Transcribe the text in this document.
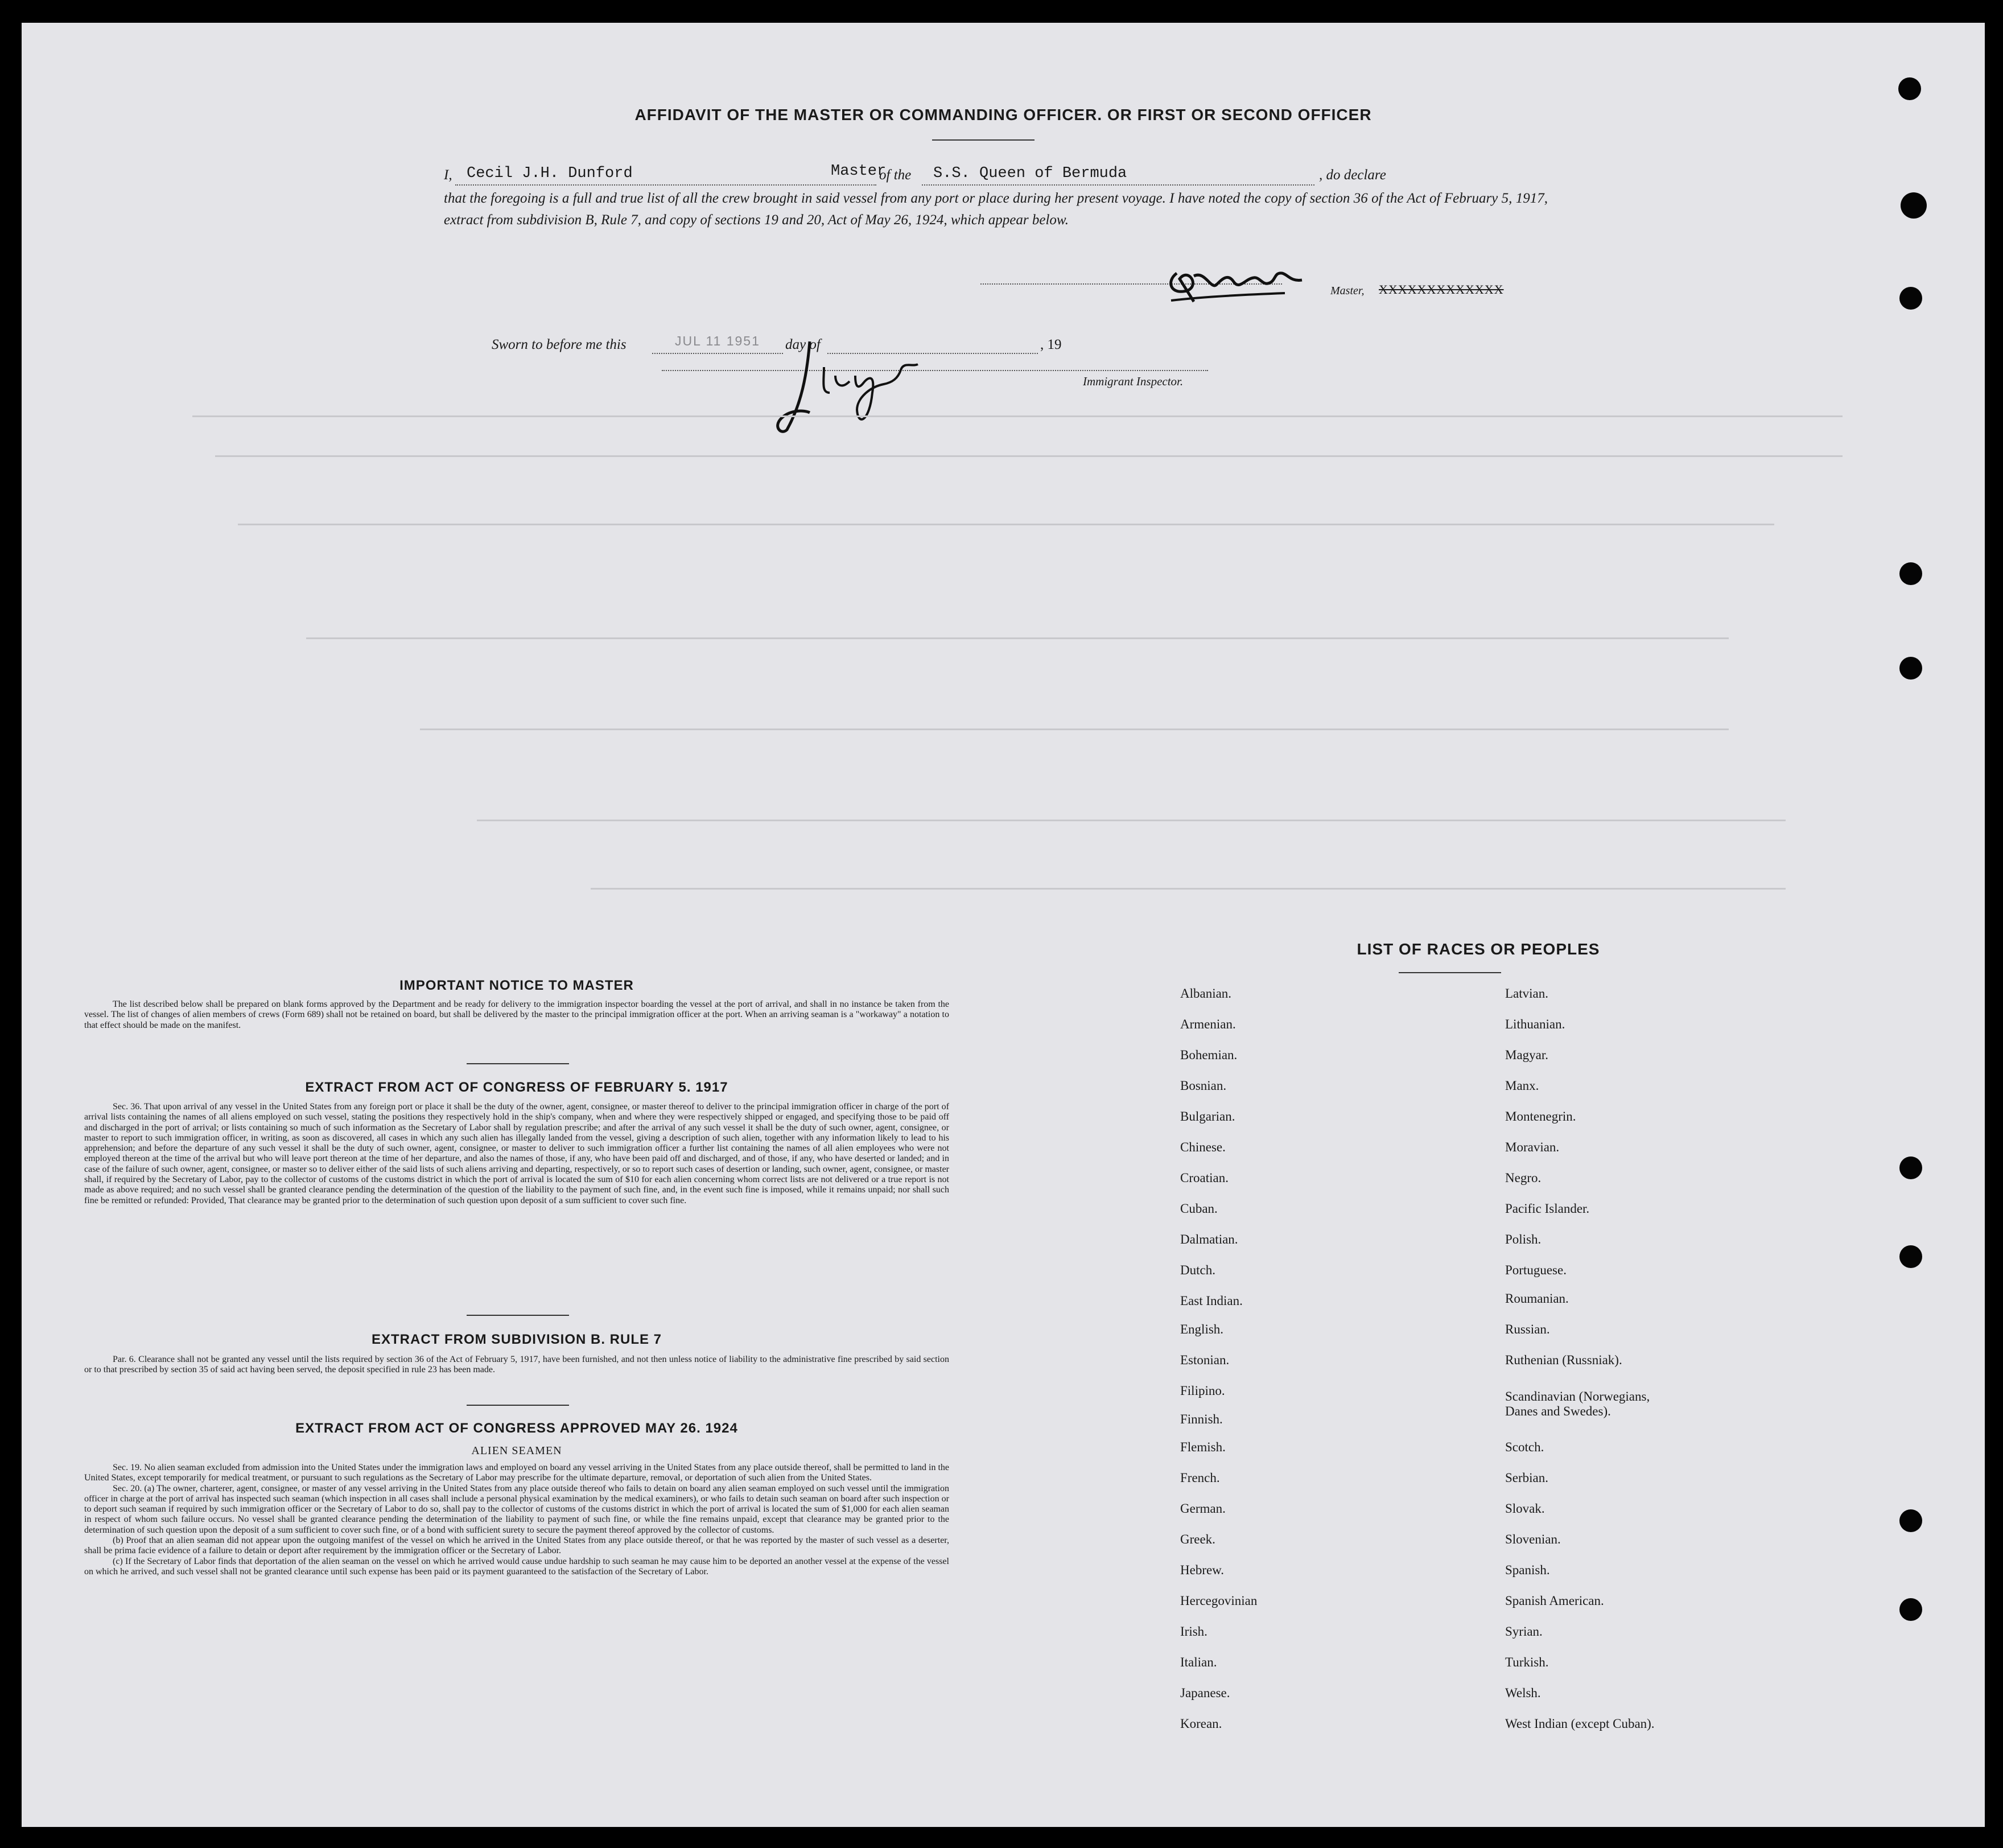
AFFIDAVIT OF THE MASTER OR COMMANDING OFFICER. OR FIRST OR SECOND OFFICER
I, Cecil J.H. Dunford	Master
of the S.S. Queen of Bermuda	, do declare
that the foregoing is a full and true list of all the crew brought in said vessel from any port or place during her present voyage. I have noted the copy of section 36 of the Act of February 5, 1917, extract from subdivision B, Rule 7, and copy of sections 19 and 20, Act of May 26, 1924, which appear below.
Master, XXXXXXXXXXXXX
Sworn to before me this	JUL 11 1951 day of	, 19
Immigrant Inspector.
IMPORTANT NOTICE TO MASTER

The list described below shall be prepared on blank forms approved by the Department and be ready for delivery to the immigration inspector boarding the vessel at the port of arrival, and shall in no instance be taken from the vessel. The list of changes of alien members of crews (Form 689) shall not be retained on board, but shall be delivered by the master to the principal immigration officer at the port. When an arriving seaman is a "workaway" a notation to that effect should be made on the manifest.

EXTRACT FROM ACT OF CONGRESS OF FEBRUARY 5. 1917

Sec. 36. That upon arrival of any vessel in the United States from any foreign port or place it shall be the duty of the owner, agent, consignee, or master thereof to deliver to the principal immigration officer in charge of the port of arrival lists containing the names of all aliens employed on such vessel, stating the positions they respectively hold in the ship's company, when and where they were respectively shipped or engaged, and specifying those to be paid off and discharged in the port of arrival; or lists containing so much of such information as the Secretary of Labor shall by regulation prescribe; and after the arrival of any such vessel it shall be the duty of such owner, agent, consignee, or master to report to such immigration officer, in writing, as soon as discovered, all cases in which any such alien has illegally landed from the vessel, giving a description of such alien, together with any information likely to lead to his apprehension; and before the departure of any such vessel it shall be the duty of such owner, agent, consignee, or master to deliver to such immigration officer a further list containing the names of all alien employees who were not employed thereon at the time of the arrival but who will leave port thereon at the time of her departure, and also the names of those, if any, who have been paid off and discharged, and of those, if any, who have deserted or landed; and in case of the failure of such owner, agent, consignee, or master so to deliver either of the said lists of such aliens arriving and departing, respectively, or so to report such cases of desertion or landing, such owner, agent, consignee, or master shall, if required by the Secretary of Labor, pay to the collector of customs of the customs district in which the port of arrival is located the sum of $10 for each alien concerning whom correct lists are not delivered or a true report is not made as above required; and no such vessel shall be granted clearance pending the determination of the question of the liability to the payment of such fine, and, in the event such fine is imposed, while it remains unpaid; nor shall such fine be remitted or refunded: Provided, That clearance may be granted prior to the determination of such question upon deposit of a sum sufficient to cover such fine.

EXTRACT FROM SUBDIVISION B. RULE 7

Par. 6. Clearance shall not be granted any vessel until the lists required by section 36 of the Act of February 5, 1917, have been furnished, and not then unless notice of liability to the administrative fine prescribed by said section or to that prescribed by section 35 of said act having been served, the deposit specified in rule 23 has been made.

EXTRACT FROM ACT OF CONGRESS APPROVED MAY 26. 1924
ALIEN SEAMEN

Sec. 19. No alien seaman excluded from admission into the United States under the immigration laws and employed on board any vessel arriving in the United States from any place outside thereof, shall be permitted to land in the United States, except temporarily for medical treatment, or pursuant to such regulations as the Secretary of Labor may prescribe for the ultimate departure, removal, or deportation of such alien from the United States.

Sec. 20. (a) The owner, charterer, agent, consignee, or master of any vessel arriving in the United States from any place outside thereof who fails to detain on board any alien seaman employed on such vessel until the immigration officer in charge at the port of arrival has inspected such seaman (which inspection in all cases shall include a personal physical examination by the medical examiners), or who fails to detain such seaman on board after such inspection or to deport such seaman if required by such immigration officer or the Secretary of Labor to do so, shall pay to the collector of customs of the customs district in which the port of arrival is located the sum of $1,000 for each alien seaman in respect of whom such failure occurs. No vessel shall be granted clearance pending the determination of the liability to payment of such fine, or while the fine remains unpaid, except that clearance may be granted prior to the determination of such question upon the deposit of a sum sufficient to cover such fine, or of a bond with sufficient surety to secure the payment thereof approved by the collector of customs.

(b) Proof that an alien seaman did not appear upon the outgoing manifest of the vessel on which he arrived in the United States from any place outside thereof, or that he was reported by the master of such vessel as a deserter, shall be prima facie evidence of a failure to detain or deport after requirement by the immigration officer or the Secretary of Labor.

(c) If the Secretary of Labor finds that deportation of the alien seaman on the vessel on which he arrived would cause undue hardship to such seaman he may cause him to be deported an another vessel at the expense of the vessel on which he arrived, and such vessel shall not be granted clearance until such expense has been paid or its payment guaranteed to the satisfaction of the Secretary of Labor.

LIST OF RACES OR PEOPLES
Albanian.
Armenian.
Bohemian.
Bosnian.
Bulgarian.
Chinese.
Croatian.
Cuban.
Dalmatian.
Dutch.
East Indian.
English.
Estonian.
Filipino.
Finnish.
Flemish.
French.
German.
Greek.
Hebrew.
Hercegovinian
Irish.
Italian.
Japanese.
Korean.
Latvian.
Lithuanian.
Magyar.
Manx.
Montenegrin.
Moravian.
Negro.
Pacific Islander.
Polish.
Portuguese.
Roumanian.
Russian.
Ruthenian (Russniak).
Scandinavian (Norwegians,
Danes and Swedes).
Scotch.
Serbian.
Slovak.
Slovenian.
Spanish.
Spanish American.
Syrian.
Turkish.
Welsh.
West Indian (except Cuban).
